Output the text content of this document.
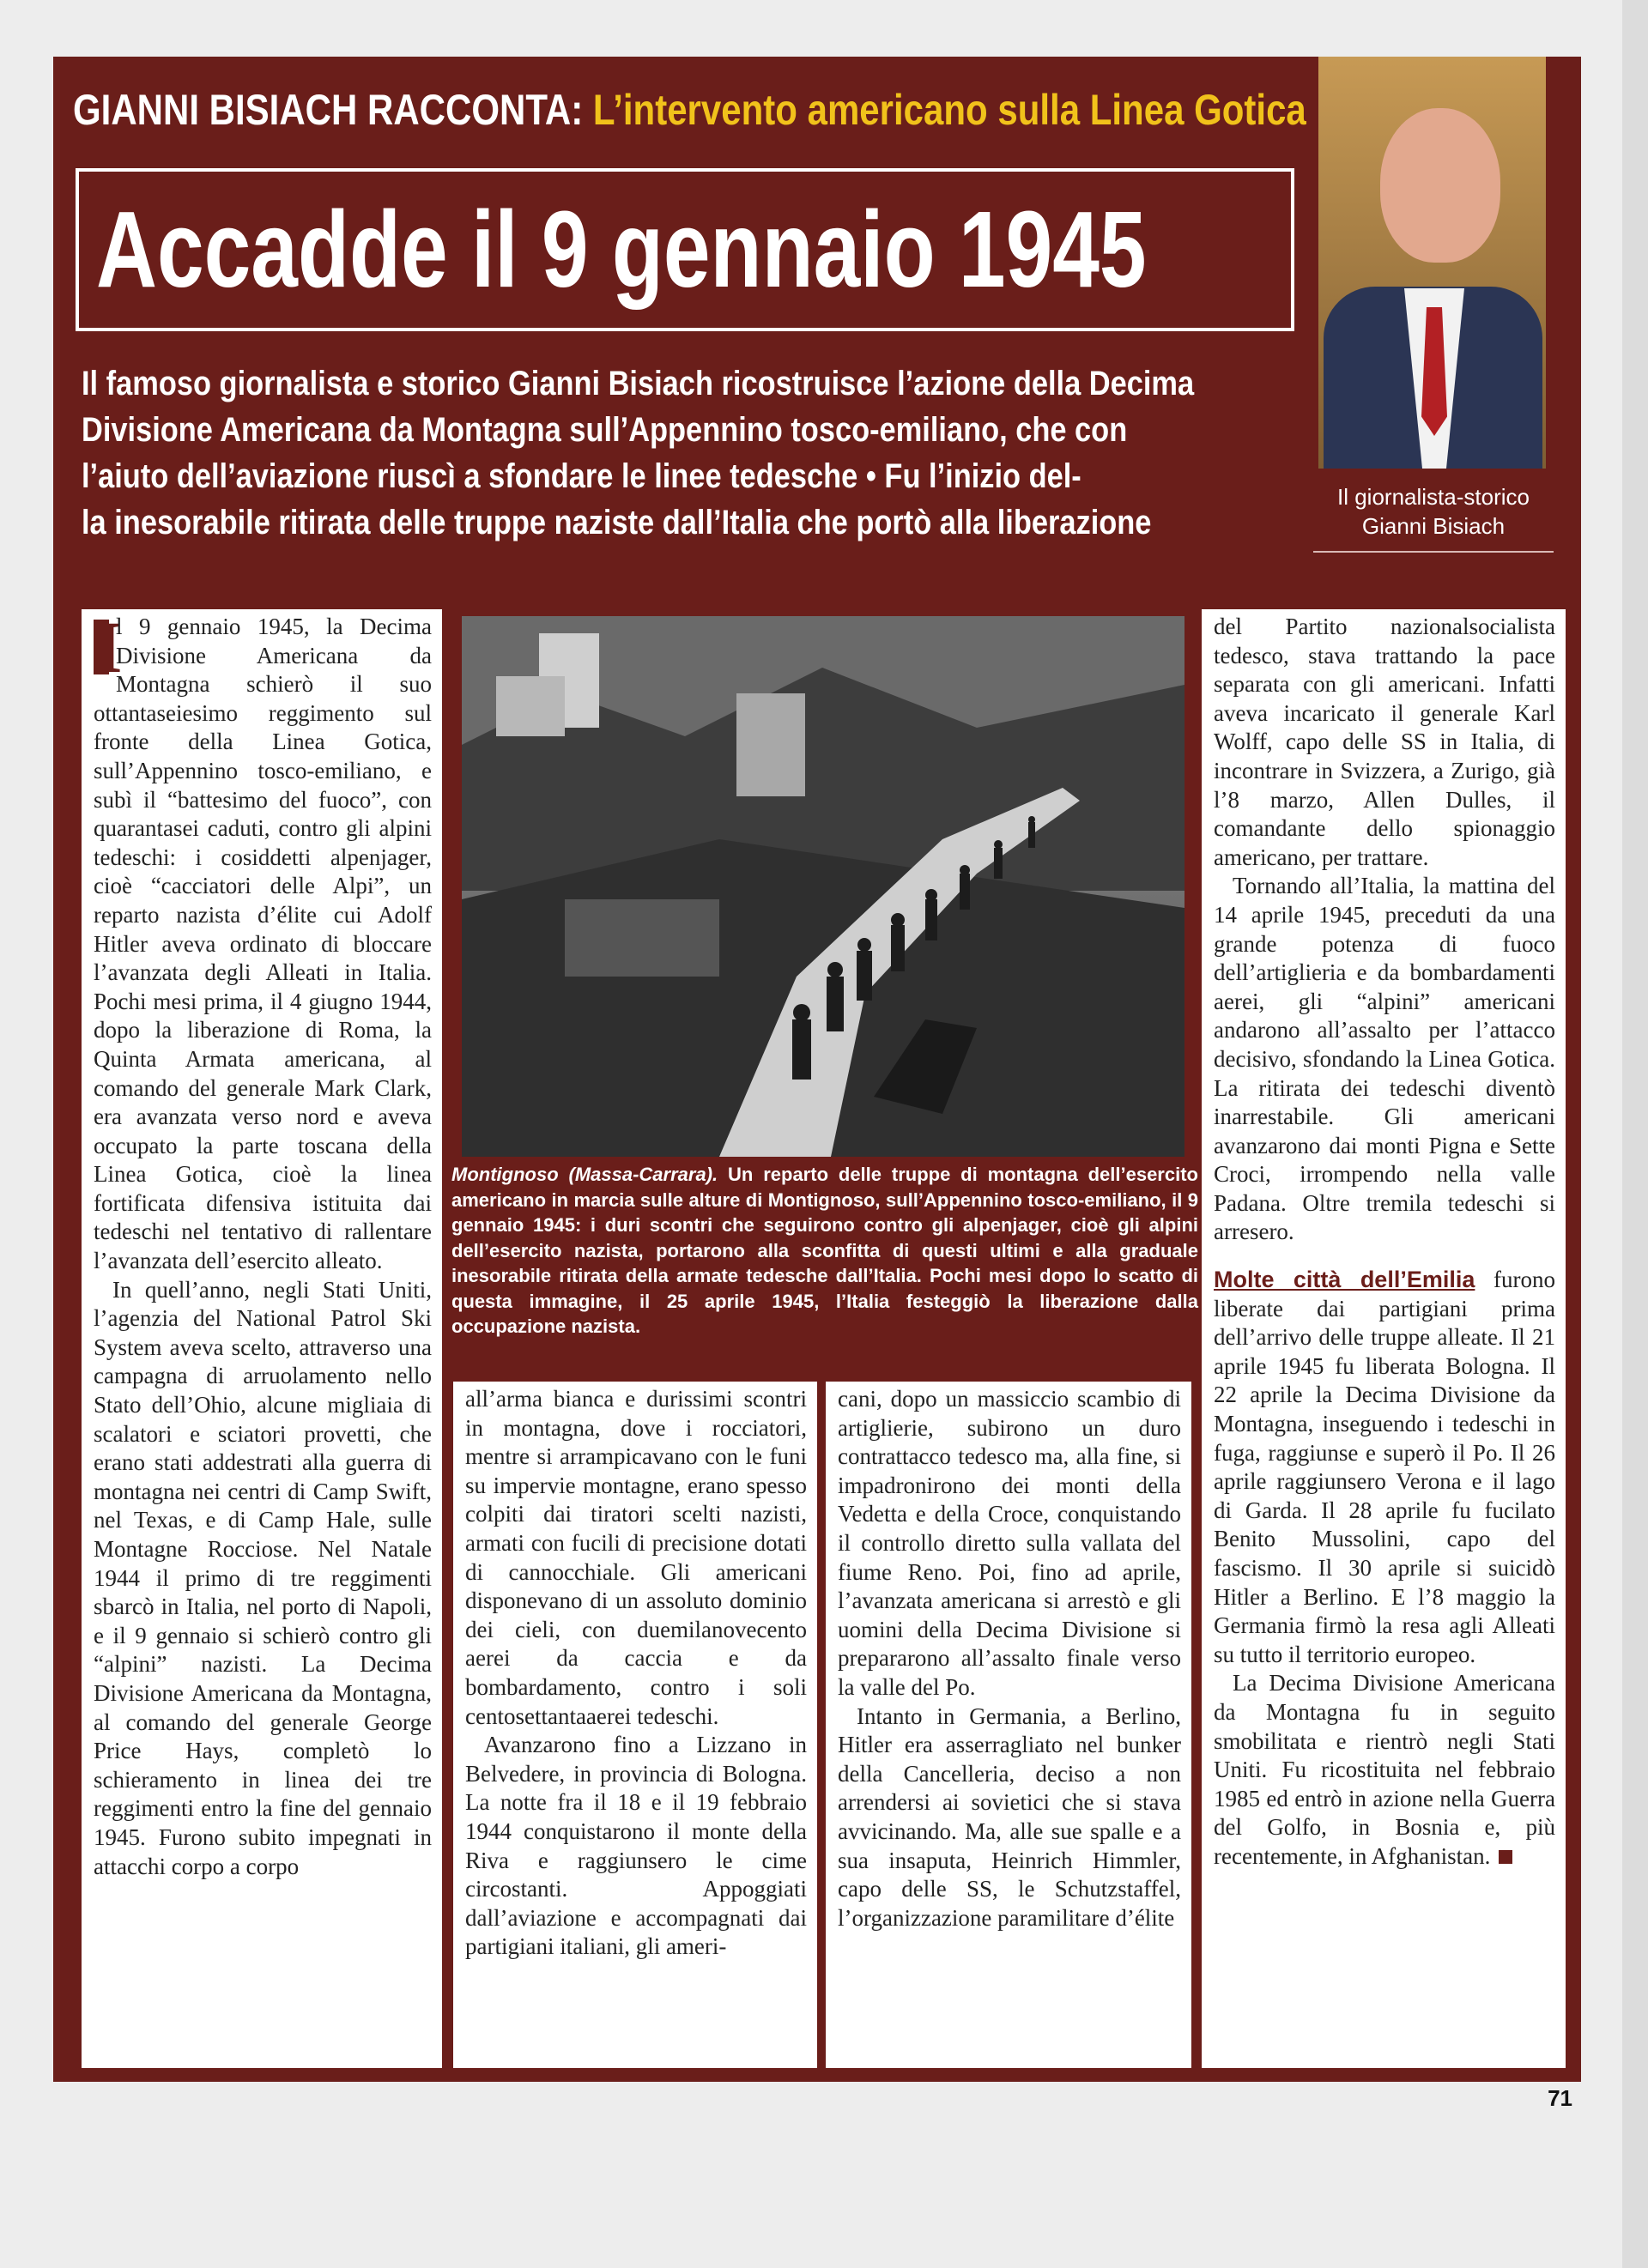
GIANNI BISIACH RACCONTA: L’intervento americano sulla Linea Gotica
Accadde il 9 gennaio 1945
Il famoso giornalista e storico Gianni Bisiach ricostruisce l’azione della Decima
Divisione Americana da Montagna sull’Appennino tosco-emiliano, che con
l’aiuto dell’aviazione riuscì a sfondare le linee tedesche • Fu l’inizio del-
la inesorabile ritirata delle truppe naziste dall’Italia che portò alla liberazione
Il giornalista-storico
Gianni Bisiach

I
l 9 gennaio 1945, la Decima Divisione Americana da Montagna schierò il suo ottantaseiesimo reggimento sul fronte della Linea Gotica, sull’Appennino tosco-emiliano, e subì il “battesimo del fuoco”, con quarantasei caduti, contro gli alpini tedeschi: i cosiddetti alpenjager, cioè “cacciatori delle Alpi”, un reparto nazista d’élite cui Adolf Hitler aveva ordinato di bloccare l’avanzata degli Alleati in Italia. Pochi mesi prima, il 4 giugno 1944, dopo la liberazione di Roma, la Quinta Armata americana, al comando del generale Mark Clark, era avanzata verso nord e aveva occupato la parte toscana della Linea Gotica, cioè la linea fortificata difensiva istituita dai tedeschi nel tentativo di rallentare l’avanzata dell’esercito alleato.

In quell’anno, negli Stati Uniti, l’agenzia del National Patrol Ski System aveva scelto, attraverso una campagna di arruolamento nello Stato dell’Ohio, alcune migliaia di scalatori e sciatori provetti, che erano stati addestrati alla guerra di montagna nei centri di Camp Swift, nel Texas, e di Camp Hale, sulle Montagne Rocciose. Nel Natale 1944 il primo di tre reggimenti sbarcò in Italia, nel porto di Napoli, e il 9 gennaio si schierò contro gli “alpini” nazisti. La Decima Divisione Americana da Montagna, al comando del generale George Price Hays, completò lo schieramento in linea dei tre reggimenti entro la fine del gennaio 1945. Furono subito impegnati in attacchi corpo a corpo

Montignoso (Massa-Carrara). Un reparto delle truppe di montagna dell’esercito americano in marcia sulle alture di Montignoso, sull’Appennino tosco-emiliano, il 9 gennaio 1945: i duri scontri che seguirono contro gli alpenjager, cioè gli alpini dell’esercito nazista, portarono alla sconfitta di questi ultimi e alla graduale inesorabile ritirata della armate tedesche dall’Italia. Pochi mesi dopo lo scatto di questa immagine, il 25 aprile 1945, l’Italia festeggiò la liberazione dalla occupazione nazista.

all’arma bianca e durissimi scontri in montagna, dove i rocciatori, mentre si arrampicavano con le funi su impervie montagne, erano spesso colpiti dai tiratori scelti nazisti, armati con fucili di precisione dotati di cannocchiale. Gli americani disponevano di un assoluto dominio dei cieli, con duemilanovecento aerei da caccia e da bombardamento, contro i soli centosettantaaerei tedeschi.

Avanzarono fino a Lizzano in Belvedere, in provincia di Bologna. La notte fra il 18 e il 19 febbraio 1944 conquistarono il monte della Riva e raggiunsero le cime circostanti. Appoggiati dall’aviazione e accompagnati dai partigiani italiani, gli ameri-

cani, dopo un massiccio scambio di artiglierie, subirono un duro contrattacco tedesco ma, alla fine, si impadronirono dei monti della Vedetta e della Croce, conquistando il controllo diretto sulla vallata del fiume Reno. Poi, fino ad aprile, l’avanzata americana si arrestò e gli uomini della Decima Divisione si prepararono all’assalto finale verso la valle del Po.

Intanto in Germania, a Berlino, Hitler era asserragliato nel bunker della Cancelleria, deciso a non arrendersi ai sovietici che si stava avvicinando. Ma, alle sue spalle e a sua insaputa, Heinrich Himmler, capo delle SS, le Schutzstaffel, l’organizzazione paramilitare d’élite

del Partito nazionalsocialista tedesco, stava trattando la pace separata con gli americani. Infatti aveva incaricato il generale Karl Wolff, capo delle SS in Italia, di incontrare in Svizzera, a Zurigo, già l’8 marzo, Allen Dulles, il comandante dello spionaggio americano, per trattare.

Tornando all’Italia, la mattina del 14 aprile 1945, preceduti da una grande potenza di fuoco dell’artiglieria e da bombardamenti aerei, gli “alpini” americani andarono all’assalto per l’attacco decisivo, sfondando la Linea Gotica. La ritirata dei tedeschi diventò inarrestabile. Gli americani avanzarono dai monti Pigna e Sette Croci, irrompendo nella valle Padana. Oltre tremila tedeschi si arresero.

Molte città dell’Emilia furono liberate dai partigiani prima dell’arrivo delle truppe alleate. Il 21 aprile 1945 fu liberata Bologna. Il 22 aprile la Decima Divisione da Montagna, inseguendo i tedeschi in fuga, raggiunse e superò il Po. Il 26 aprile raggiunsero Verona e il lago di Garda. Il 28 aprile fu fucilato Benito Mussolini, capo del fascismo. Il 30 aprile si suicidò Hitler a Berlino. E l’8 maggio la Germania firmò la resa agli Alleati su tutto il territorio europeo.

La Decima Divisione Americana da Montagna fu in seguito smobilitata e rientrò negli Stati Uniti. Fu ricostituita nel febbraio 1985 ed entrò in azione nella Guerra del Golfo, in Bosnia e, più recentemente, in Afghanistan.

71
